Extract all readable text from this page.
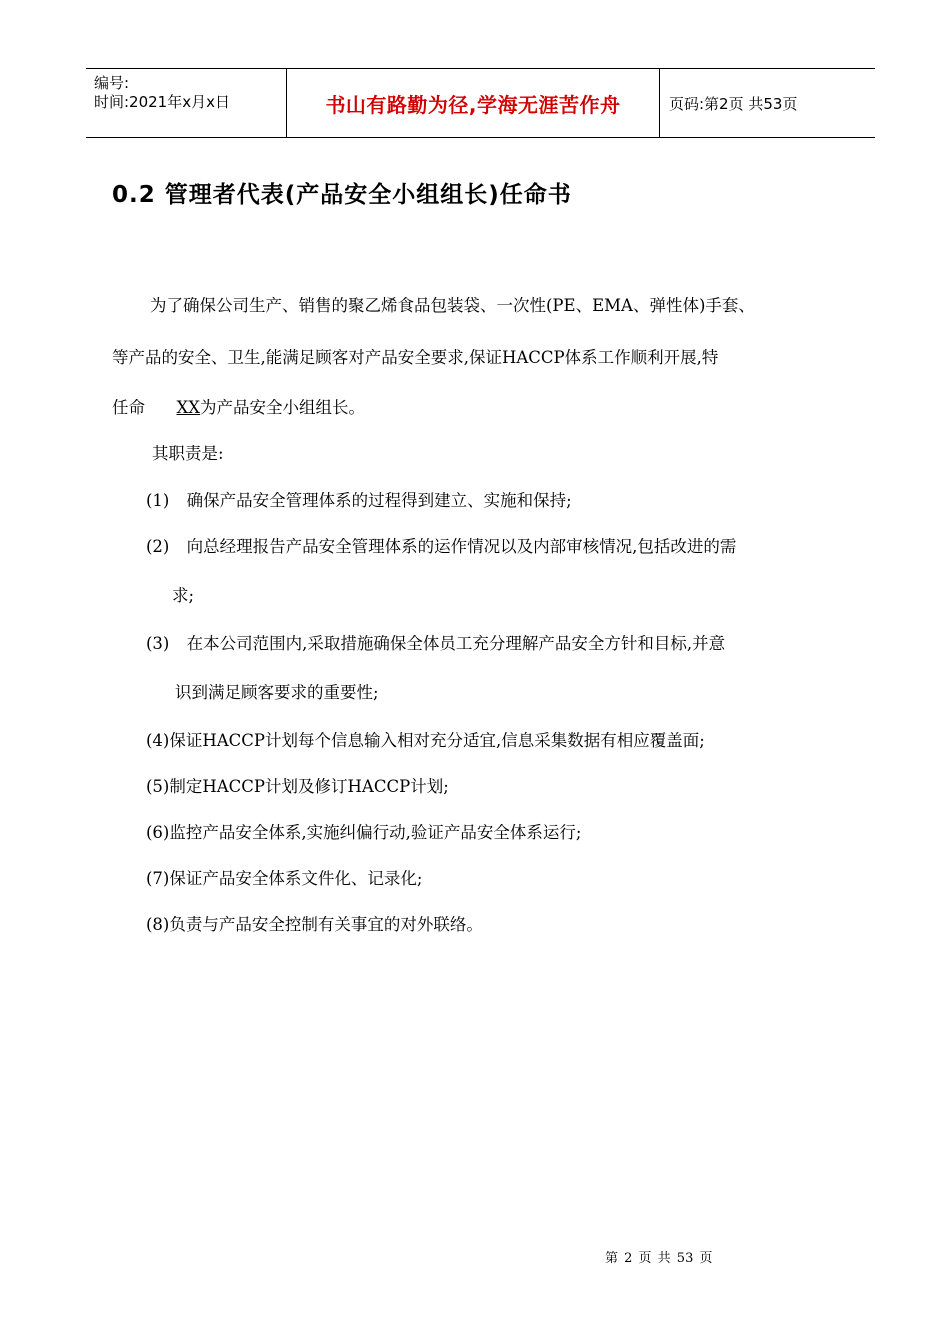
编号:
时间:2021年x月x日	书山有路勤为径,学海无涯苦作舟	页码:第2页 共53页
0.2 管理者代表(产品安全小组组长)任命书
为了确保公司生产、销售的聚乙烯食品包装袋、一次性(PE、EMA、弹性体)手套、
等产品的安全、卫生,能满足顾客对产品安全要求,保证HACCP体系工作顺利开展,特
任命 XX为产品安全小组组长。
其职责是:
(1) 确保产品安全管理体系的过程得到建立、实施和保持;
(2) 向总经理报告产品安全管理体系的运作情况以及内部审核情况,包括改进的需
求;
(3) 在本公司范围内,采取措施确保全体员工充分理解产品安全方针和目标,并意
识到满足顾客要求的重要性;
(4)保证HACCP计划每个信息输入相对充分适宜,信息采集数据有相应覆盖面;
(5)制定HACCP计划及修订HACCP计划;
(6)监控产品安全体系,实施纠偏行动,验证产品安全体系运行;
(7)保证产品安全体系文件化、记录化;
(8)负责与产品安全控制有关事宜的对外联络。
第 2 页 共 53 页
